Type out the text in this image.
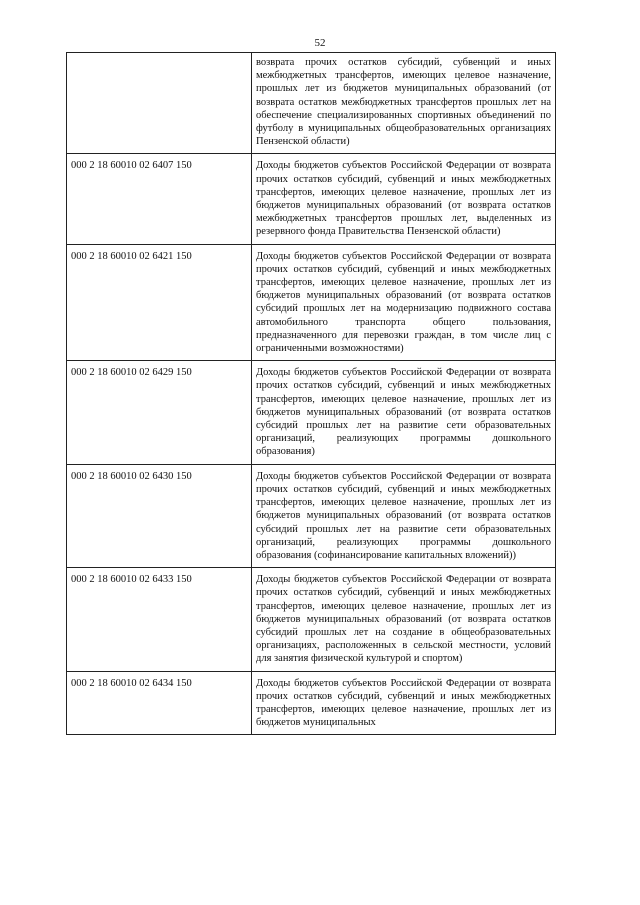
52
	возврата прочих остатков субсидий, субвенций и иных межбюджетных трансфертов, имеющих целевое назначение, прошлых лет из бюджетов муниципальных образований (от возврата остатков межбюджетных трансфертов прошлых лет на обеспечение специализированных спортивных объединений по футболу в муниципальных общеобразовательных организациях Пензенской области)
000 2 18 60010 02 6407 150	Доходы бюджетов субъектов Российской Федерации от возврата прочих остатков субсидий, субвенций и иных межбюджетных трансфертов, имеющих целевое назначение, прошлых лет из бюджетов муниципальных образований (от возврата остатков межбюджетных трансфертов прошлых лет, выделенных из резервного фонда Правительства Пензенской области)
000 2 18 60010 02 6421 150	Доходы бюджетов субъектов Российской Федерации от возврата прочих остатков субсидий, субвенций и иных межбюджетных трансфертов, имеющих целевое назначение, прошлых лет из бюджетов муниципальных образований (от возврата остатков субсидий прошлых лет на модернизацию подвижного состава автомобильного транспорта общего пользования, предназначенного для перевозки граждан, в том числе лиц с ограниченными возможностями)
000 2 18 60010 02 6429 150	Доходы бюджетов субъектов Российской Федерации от возврата прочих остатков субсидий, субвенций и иных межбюджетных трансфертов, имеющих целевое назначение, прошлых лет из бюджетов муниципальных образований (от возврата остатков субсидий прошлых лет на развитие сети образовательных организаций, реализующих программы дошкольного образования)
000 2 18 60010 02 6430 150	Доходы бюджетов субъектов Российской Федерации от возврата прочих остатков субсидий, субвенций и иных межбюджетных трансфертов, имеющих целевое назначение, прошлых лет из бюджетов муниципальных образований (от возврата остатков субсидий прошлых лет на развитие сети образовательных организаций, реализующих программы дошкольного образования (софинансирование капитальных вложений))
000 2 18 60010 02 6433 150	Доходы бюджетов субъектов Российской Федерации от возврата прочих остатков субсидий, субвенций и иных межбюджетных трансфертов, имеющих целевое назначение, прошлых лет из бюджетов муниципальных образований (от возврата остатков субсидий прошлых лет на создание в общеобразовательных организациях, расположенных в сельской местности, условий для занятия физической культурой и спортом)
000 2 18 60010 02 6434 150	Доходы бюджетов субъектов Российской Федерации от возврата прочих остатков субсидий, субвенций и иных межбюджетных трансфертов, имеющих целевое назначение, прошлых лет из бюджетов муниципальных
